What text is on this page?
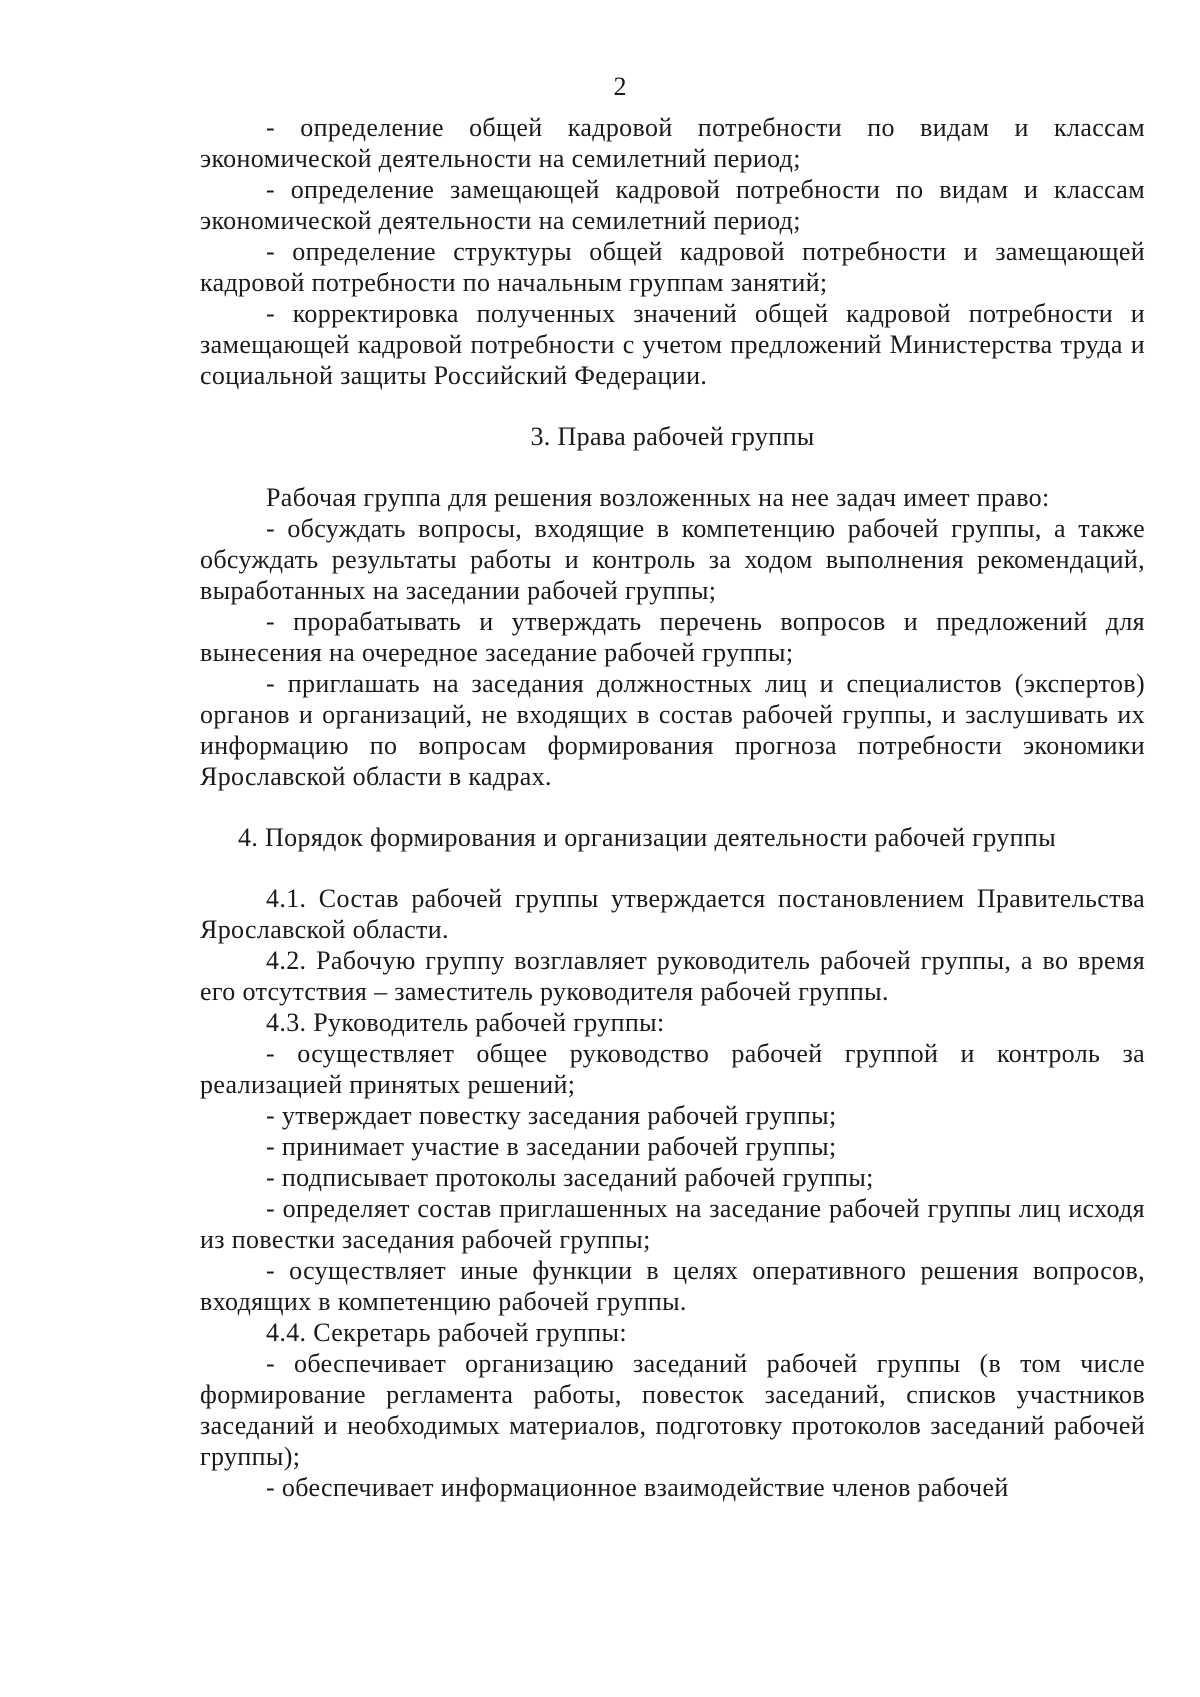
2

- определение общей кадровой потребности по видам и классам экономической деятельности на семилетний период;

- определение замещающей кадровой потребности по видам и классам экономической деятельности на семилетний период;

- определение структуры общей кадровой потребности и замещающей кадровой потребности по начальным группам занятий;

- корректировка полученных значений общей кадровой потребности и замещающей кадровой потребности с учетом предложений Министерства труда и социальной защиты Российский Федерации.

3. Права рабочей группы

Рабочая группа для решения возложенных на нее задач имеет право:

- обсуждать вопросы, входящие в компетенцию рабочей группы, а также обсуждать результаты работы и контроль за ходом выполнения рекомендаций, выработанных на заседании рабочей группы;

- прорабатывать и утверждать перечень вопросов и предложений для вынесения на очередное заседание рабочей группы;

- приглашать на заседания должностных лиц и специалистов (экспертов) органов и организаций, не входящих в состав рабочей группы, и заслушивать их информацию по вопросам формирования прогноза потребности экономики Ярославской области в кадрах.

4. Порядок формирования и организации деятельности рабочей группы

4.1. Состав рабочей группы утверждается постановлением Правительства Ярославской области.

4.2. Рабочую группу возглавляет руководитель рабочей группы, а во время его отсутствия – заместитель руководителя рабочей группы.

4.3. Руководитель рабочей группы:

- осуществляет общее руководство рабочей группой и контроль за реализацией принятых решений;

- утверждает повестку заседания рабочей группы;

- принимает участие в заседании рабочей группы;

- подписывает протоколы заседаний рабочей группы;

- определяет состав приглашенных на заседание рабочей группы лиц исходя из повестки заседания рабочей группы;

- осуществляет иные функции в целях оперативного решения вопросов, входящих в компетенцию рабочей группы.

4.4. Секретарь рабочей группы:

- обеспечивает организацию заседаний рабочей группы (в том числе формирование регламента работы, повесток заседаний, списков участников заседаний и необходимых материалов, подготовку протоколов заседаний рабочей группы);

- обеспечивает информационное взаимодействие членов рабочей
